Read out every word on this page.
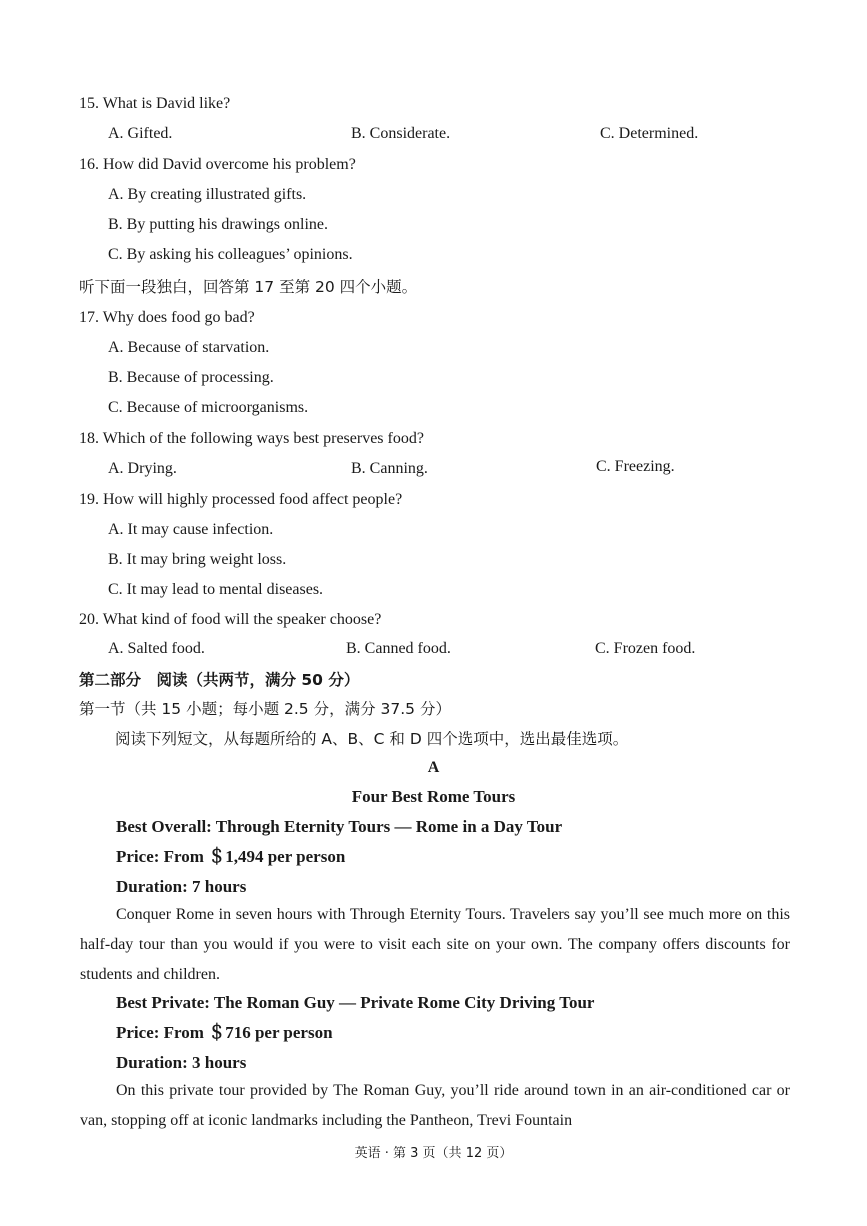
15. What is David like?
A. Gifted.	B. Considerate.	C. Determined.
16. How did David overcome his problem?
A. By creating illustrated gifts.
B. By putting his drawings online.
C. By asking his colleagues’ opinions.
听下面一段独白，回答第 17 至第 20 四个小题。
17. Why does food go bad?
A. Because of starvation.
B. Because of processing.
C. Because of microorganisms.
18. Which of the following ways best preserves food?
A. Drying.	B. Canning.	C. Freezing.
19. How will highly processed food affect people?
A. It may cause infection.
B. It may bring weight loss.
C. It may lead to mental diseases.
20. What kind of food will the speaker choose?
A. Salted food.	B. Canned food.	C. Frozen food.
第二部分　阅读（共两节，满分 50 分）
第一节（共 15 小题；每小题 2.5 分，满分 37.5 分）
阅读下列短文，从每题所给的 A、B、C 和 D 四个选项中，选出最佳选项。
A
Four Best Rome Tours
Best Overall: Through Eternity Tours — Rome in a Day Tour
Price: From ＄1,494 per person
Duration: 7 hours
Conquer Rome in seven hours with Through Eternity Tours. Travelers say you’ll see much more on this half-day tour than you would if you were to visit each site on your own. The company offers discounts for students and children.
Best Private: The Roman Guy — Private Rome City Driving Tour
Price: From ＄716 per person
Duration: 3 hours
On this private tour provided by The Roman Guy, you’ll ride around town in an air-conditioned car or van, stopping off at iconic landmarks including the Pantheon, Trevi Fountain
英语 · 第 3 页（共 12 页）
